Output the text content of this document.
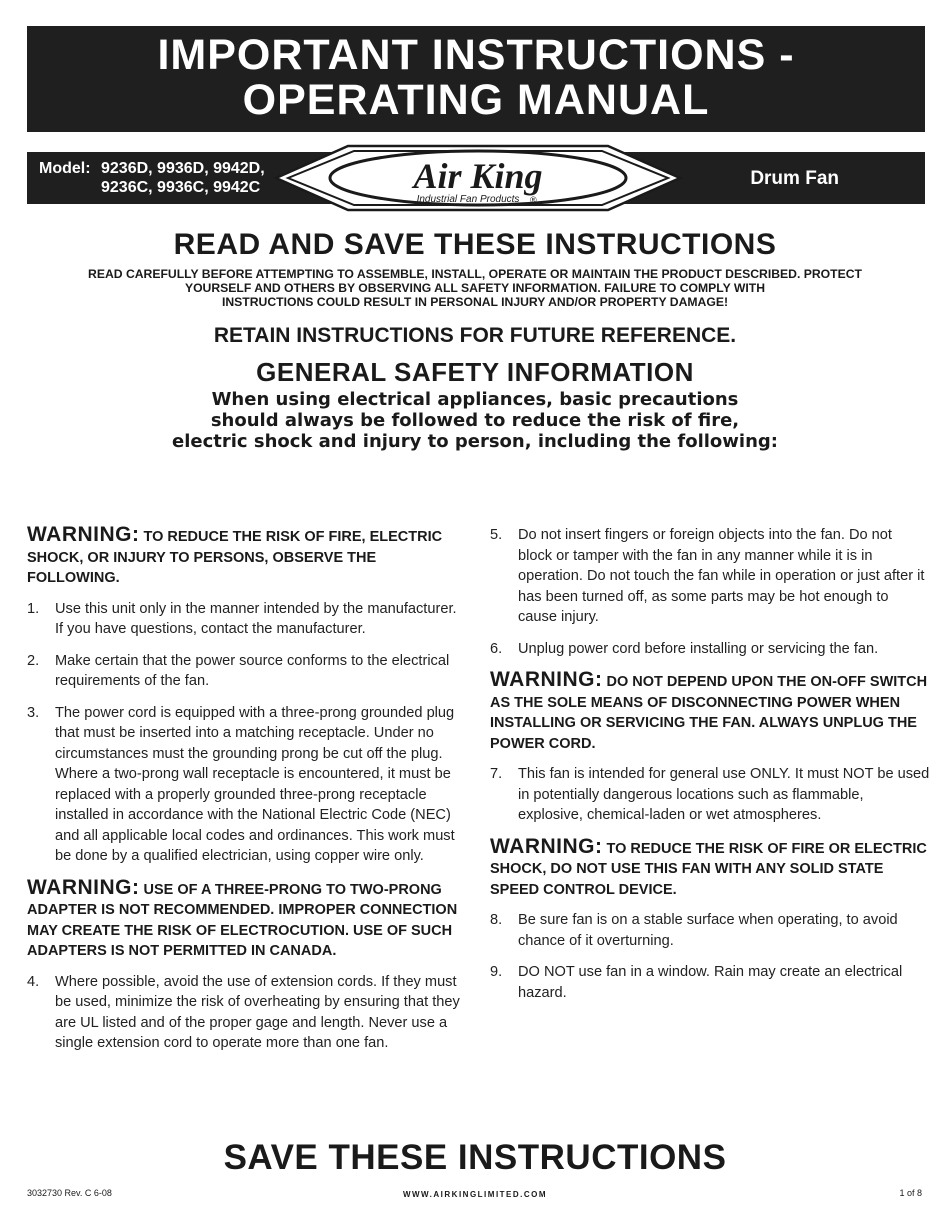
IMPORTANT INSTRUCTIONS -
OPERATING MANUAL
Model: 9236D, 9936D, 9942D,
9236C, 9936C, 9942C	Drum Fan
Air King
Industrial Fan Products ®
READ AND SAVE THESE INSTRUCTIONS
READ CAREFULLY BEFORE ATTEMPTING TO ASSEMBLE, INSTALL, OPERATE OR MAINTAIN THE PRODUCT DESCRIBED. PROTECT
YOURSELF AND OTHERS BY OBSERVING ALL SAFETY INFORMATION. FAILURE TO COMPLY WITH
INSTRUCTIONS COULD RESULT IN PERSONAL INJURY AND/OR PROPERTY DAMAGE!
RETAIN INSTRUCTIONS FOR FUTURE REFERENCE.
GENERAL SAFETY INFORMATION
When using electrical appliances, basic precautions
should always be followed to reduce the risk of fire,
electric shock and injury to person, including the following:
WARNING: TO REDUCE THE RISK OF FIRE, ELECTRIC SHOCK, OR INJURY TO PERSONS, OBSERVE THE FOLLOWING.
1. Use this unit only in the manner intended by the manufacturer. If you have questions, contact the manufacturer.
2. Make certain that the power source conforms to the electrical requirements of the fan.
3. The power cord is equipped with a three-prong grounded plug that must be inserted into a matching receptacle. Under no circumstances must the grounding prong be cut off the plug. Where a two-prong wall receptacle is encountered, it must be replaced with a properly grounded three-prong receptacle installed in accordance with the National Electric Code (NEC) and all applicable local codes and ordinances. This work must be done by a qualified electrician, using copper wire only.
WARNING: USE OF A THREE-PRONG TO TWO-PRONG ADAPTER IS NOT RECOMMENDED. IMPROPER CONNECTION MAY CREATE THE RISK OF ELECTROCUTION. USE OF SUCH ADAPTERS IS NOT PERMITTED IN CANADA.
4. Where possible, avoid the use of extension cords. If they must be used, minimize the risk of overheating by ensuring that they are UL listed and of the proper gage and length. Never use a single extension cord to operate more than one fan.
5. Do not insert fingers or foreign objects into the fan. Do not block or tamper with the fan in any manner while it is in operation. Do not touch the fan while in operation or just after it has been turned off, as some parts may be hot enough to cause injury.
6. Unplug power cord before installing or servicing the fan.
WARNING: DO NOT DEPEND UPON THE ON-OFF SWITCH AS THE SOLE MEANS OF DISCONNECTING POWER WHEN INSTALLING OR SERVICING THE FAN. ALWAYS UNPLUG THE POWER CORD.
7. This fan is intended for general use ONLY. It must NOT be used in potentially dangerous locations such as flammable, explosive, chemical-laden or wet atmospheres.
WARNING: TO REDUCE THE RISK OF FIRE OR ELECTRIC SHOCK, DO NOT USE THIS FAN WITH ANY SOLID STATE SPEED CONTROL DEVICE.
8. Be sure fan is on a stable surface when operating, to avoid chance of it overturning.
9. DO NOT use fan in a window. Rain may create an electrical hazard.
SAVE THESE INSTRUCTIONS
3032730 Rev. C 6-08	WWW.AIRKINGLIMITED.COM	1 of 8
